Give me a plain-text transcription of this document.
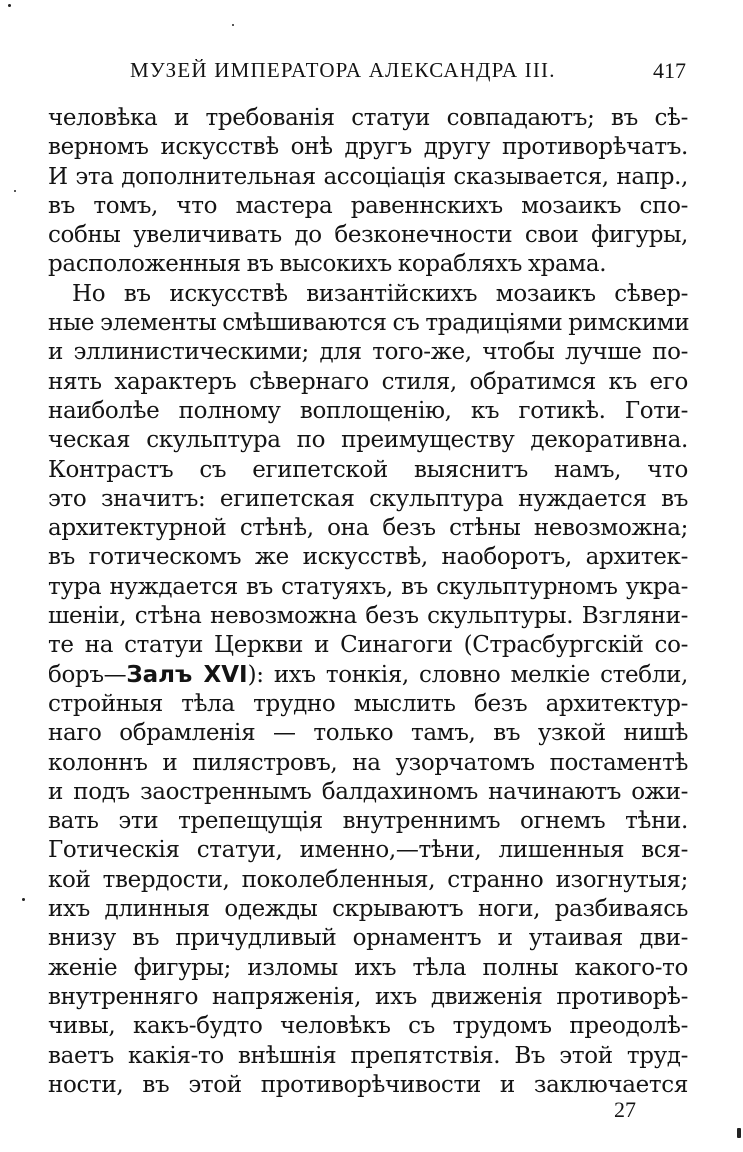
МУЗЕЙ ИМПЕРАТОРА АЛЕКСАНДРА III.	417
человѣка и требованія статуи совпадаютъ; въ сѣ-
верномъ искусствѣ онѣ другъ другу противорѣчатъ.
И эта дополнительная ассоціація сказывается, напр.,
въ томъ, что мастера равеннскихъ мозаикъ спо-
собны увеличивать до безконечности свои фигуры,
расположенныя въ высокихъ корабляхъ храма.
Но въ искусствѣ византійскихъ мозаикъ сѣвер-
ные элементы смѣшиваются съ традиціями римскими
и эллинистическими; для того-же, чтобы лучше по-
нять характеръ сѣвернаго стиля, обратимся къ его
наиболѣе полному воплощенію, къ готикѣ. Готи-
ческая скульптура по преимуществу декоративна.
Контрастъ съ египетской выяснитъ намъ, что
это значитъ: египетская скульптура нуждается въ
архитектурной стѣнѣ, она безъ стѣны невозможна;
въ готическомъ же искусствѣ, наоборотъ, архитек-
тура нуждается въ статуяхъ, въ скульптурномъ укра-
шеніи, стѣна невозможна безъ скульптуры. Взгляни-
те на статуи Церкви и Синагоги (Страсбургскій со-
боръ—Залъ XVI): ихъ тонкія, словно мелкіе стебли,
стройныя тѣла трудно мыслить безъ архитектур-
наго обрамленія — только тамъ, въ узкой нишѣ
колоннъ и пилястровъ, на узорчатомъ постаментѣ
и подъ заостреннымъ балдахиномъ начинаютъ ожи-
вать эти трепещущія внутреннимъ огнемъ тѣни.
Готическія статуи, именно,—тѣни, лишенныя вся-
кой твердости, поколебленныя, странно изогнутыя;
ихъ длинныя одежды скрываютъ ноги, разбиваясь
внизу въ причудливый орнаментъ и утаивая дви-
женіе фигуры; изломы ихъ тѣла полны какого-то
внутренняго напряженія, ихъ движенія противорѣ-
чивы, какъ-будто человѣкъ съ трудомъ преодолѣ-
ваетъ какія-то внѣшнія препятствія. Въ этой труд-
ности, въ этой противорѣчивости и заключается
27
